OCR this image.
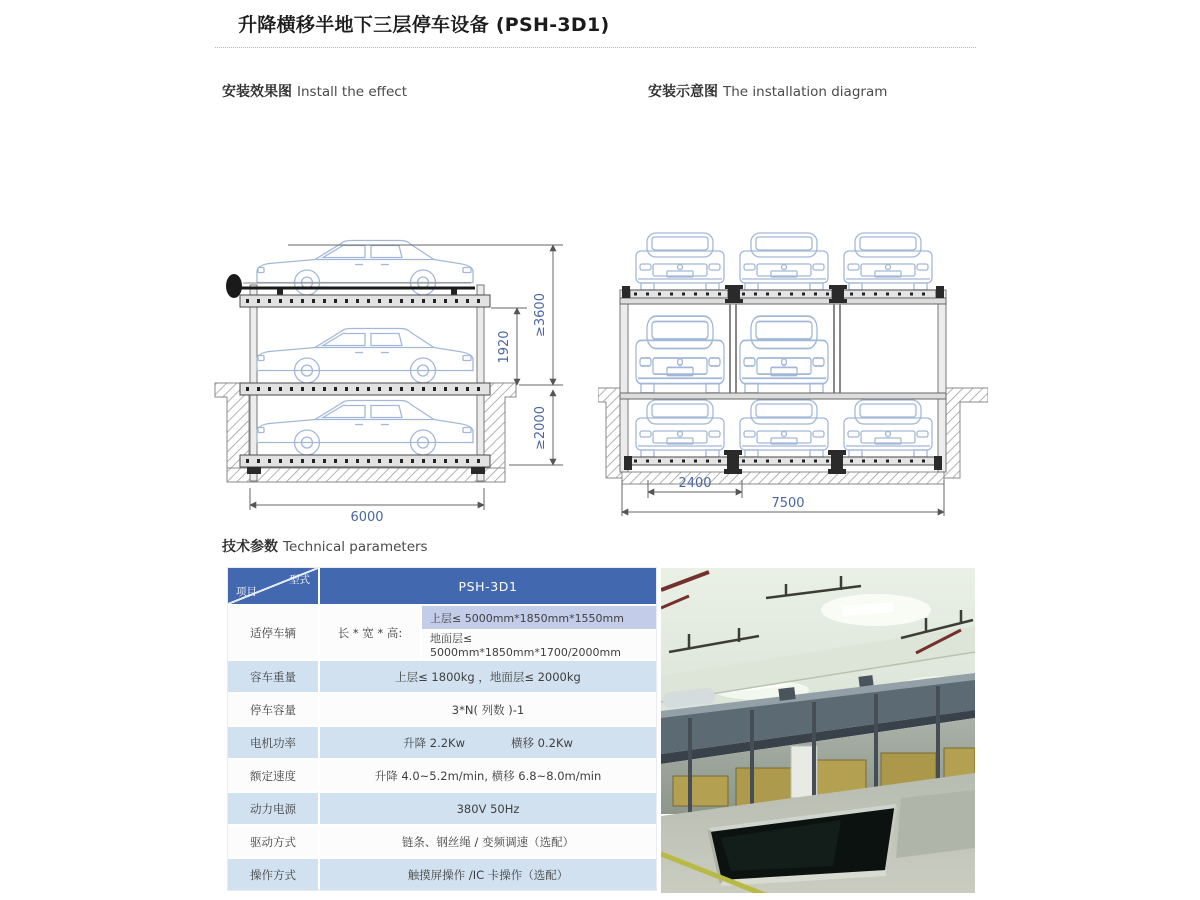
升降横移半地下三层停车设备 (PSH-3D1)
安装效果图 Install the effect	安装示意图 The installation diagram
≥3600
1920
≥2000
6000
2400
7500
技术参数 Technical parameters
型式
项目	PSH-3D1
适停车辆	长 * 宽 * 高:
上层≤ 5000mm*1850mm*1550mm
地面层≤ 5000mm*1850mm*1700/2000mm
容车重量	上层≤ 1800kg ，地面层≤ 2000kg
停车容量	3*N( 列数 )-1
电机功率	升降 2.2Kw	横移 0.2Kw
额定速度	升降 4.0~5.2m/min, 横移 6.8~8.0m/min
动力电源	380V 50Hz
驱动方式	链条、钢丝绳 / 变频调速（选配）
操作方式	触摸屏操作 /IC 卡操作（选配）
